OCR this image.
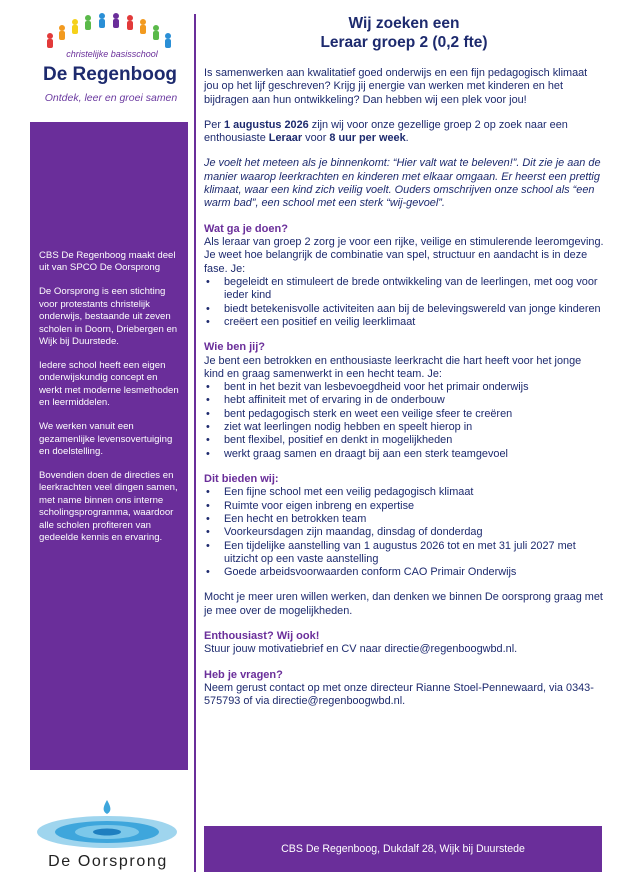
christelijke basisschool
De Regenboog
Ontdek, leer en groei samen

CBS De Regenboog maakt deel uit van SPCO De Oorsprong

De Oorsprong is een stichting voor protestants christelijk onderwijs, bestaande uit zeven scholen in Doorn, Driebergen en Wijk bij Duurstede.

Iedere school heeft een eigen onderwijskundig concept en werkt met moderne lesmethoden en leermiddelen.

We werken vanuit een gezamenlijke levensovertuiging en doelstelling.

Bovendien doen de directies en leerkrachten veel dingen samen, met name binnen ons interne scholingsprogramma, waardoor alle scholen profiteren van gedeelde kennis en ervaring.

De Oorsprong
Wij zoeken een
Leraar groep 2 (0,2 fte)

Is samenwerken aan kwalitatief goed onderwijs en een fijn pedagogisch klimaat jou op het lijf geschreven? Krijg jij energie van werken met kinderen en het bijdragen aan hun ontwikkeling? Dan hebben wij een plek voor jou!

Per 1 augustus 2026 zijn wij voor onze gezellige groep 2 op zoek naar een enthousiaste Leraar voor 8 uur per week.

Je voelt het meteen als je binnenkomt: “Hier valt wat te beleven!”. Dit zie je aan de manier waarop leerkrachten en kinderen met elkaar omgaan. Er heerst een prettig klimaat, waar een kind zich veilig voelt. Ouders omschrijven onze school als “een warm bad”, een school met een sterk “wij-gevoel”.

Wat ga je doen?

Als leraar van groep 2 zorg je voor een rijke, veilige en stimulerende leeromgeving. Je weet hoe belangrijk de combinatie van spel, structuur en aandacht is in deze fase. Je:

• begeleidt en stimuleert de brede ontwikkeling van de leerlingen, met oog voor ieder kind
• biedt betekenisvolle activiteiten aan bij de belevingswereld van jonge kinderen
• creëert een positief en veilig leerklimaat
Wie ben jij?

Je bent een betrokken en enthousiaste leerkracht die hart heeft voor het jonge kind en graag samenwerkt in een hecht team. Je:

• bent in het bezit van lesbevoegdheid voor het primair onderwijs
• hebt affiniteit met of ervaring in de onderbouw
• bent pedagogisch sterk en weet een veilige sfeer te creëren
• ziet wat leerlingen nodig hebben en speelt hierop in
• bent flexibel, positief en denkt in mogelijkheden
• werkt graag samen en draagt bij aan een sterk teamgevoel
Dit bieden wij:
• Een fijne school met een veilig pedagogisch klimaat
• Ruimte voor eigen inbreng en expertise
• Een hecht en betrokken team
• Voorkeursdagen zijn maandag, dinsdag of donderdag
• Een tijdelijke aanstelling van 1 augustus 2026 tot en met 31 juli 2027 met uitzicht op een vaste aanstelling
• Goede arbeidsvoorwaarden conform CAO Primair Onderwijs

Mocht je meer uren willen werken, dan denken we binnen De oorsprong graag met je mee over de mogelijkheden.

Enthousiast? Wij ook!

Stuur jouw motivatiebrief en CV naar directie@regenboogwbd.nl.

Heb je vragen?

Neem gerust contact op met onze directeur Rianne Stoel-Pennewaard, via 0343-575793 of via directie@regenboogwbd.nl.

CBS De Regenboog, Dukdalf 28, Wijk bij Duurstede
